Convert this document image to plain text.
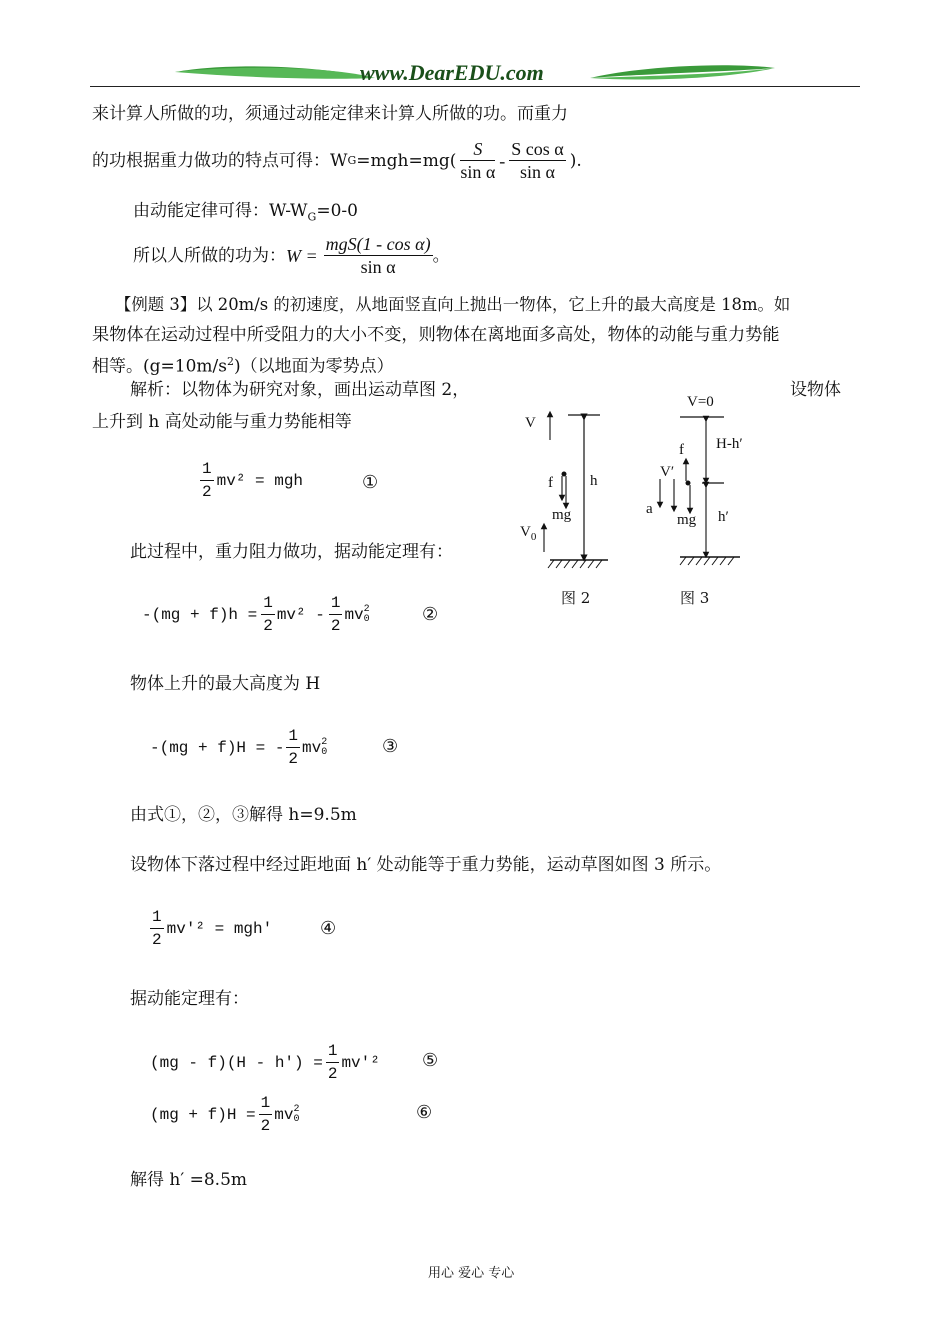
www.DearEDU.com
来计算人所做的功，须通过动能定律来计算人所做的功。而重力
的功根据重力做功的特点可得：W $G =mgh=mg( \frac{S}{\text{sin α}} - \frac{\text{S cos α}}{\text{sin α}}$ ).
由动能定律可得：$W-W_G=0-0$
所以人所做的功为： $W = \frac{\text{mgS(1 - cos α)}}{\text{sin α}}$ 。
【例题 3】以 20m/s 的初速度，从地面竖直向上抛出一物体，它上升的最大高度是 18m。如
果物体在运动过程中所受阻力的大小不变，则物体在离地面多高处，物体的动能与重力势能
相等。$(g=10m/s^2)$（以地面为零势点）
解析：以物体为研究对象，画出运动草图 2，	设物体
上升到 h 高处动能与重力势能相等
$\frac{1}{2} mv^2$ = mgh	①
此过程中，重力阻力做功，据动能定理有：
$-(mg + f)h = \frac{1}{2} mv^2 - \frac{1}{2}$ mv 2
0	②
物体上升的最大高度为 H
-(mg + f)H = - $\frac{1}{2}$ mv 2
0	③
由式①，②，③解得 h=9.5m
设物体下落过程中经过距地面 h′ 处动能等于重力势能，运动草图如图 3 所示。
$\frac{1}{2} mv'^2 = mgh'$	④
据动能定理有：
$(mg - f)(H - h') = \frac{1}{2} mv'^2$ ⑤
$(mg + f)H = \frac{1}{2}$ mv 2
0	⑥
解得 h′ =8.5m
V
f h
mg
$V_0$
图 2
V=0
f H-h′
V′
a
mg h′
图 3
用心 爱心 专心
